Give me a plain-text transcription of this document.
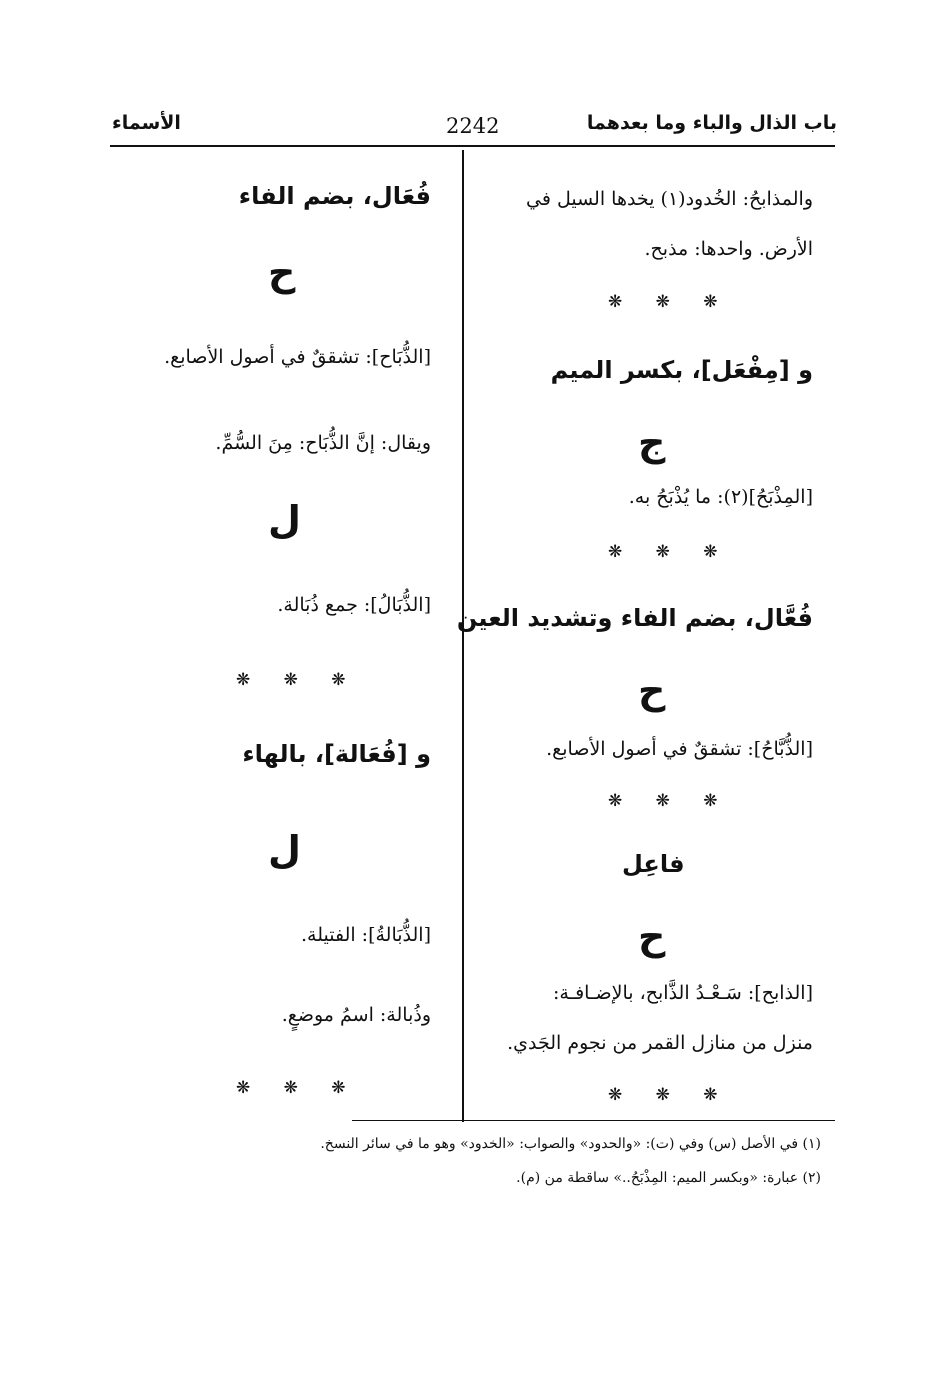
باب الذال والباء وما بعدهما
2242
الأسماء
والمذابحُ: الخُدود(١) يخدها السيل في
الأرض. واحدها: مذبح.
❋ ❋ ❋
و [مِفْعَل]، بكسر الميم
ج
[المِذْبَحُ](٢): ما يُذْبَحُ به.
❋ ❋ ❋
فُعَّال، بضم الفاء وتشديد العين
ح
[الذُّبَّاحُ]: تشققٌ في أصول الأصابع.
❋ ❋ ❋
فاعِل
ح
[الذابح]: سَـعْـدُ الذَّابح، بالإضـافـة:
منزل من منازل القمر من نجوم الجَدي.
❋ ❋ ❋
فُعَال، بضم الفاء
ح
[الذُّبَاح]: تشققٌ في أصول الأصابع.
ويقال: إنَّ الذُّبَاح: مِنَ السُّمِّ.
ل
[الذُّبَالُ]: جمع ذُبَالة.
❋ ❋ ❋
و [فُعَالة]، بالهاء
ل
[الذُّبَالةُ]: الفتيلة.
وذُبالة: اسمُ موضعٍ.
❋ ❋ ❋
(١) في الأصل (س) وفي (ت): «والحدود» والصواب: «الخدود» وهو ما في سائر النسخ.
(٢) عبارة: «وبكسر الميم: المِذْبَحُ..» ساقطة من (م).
